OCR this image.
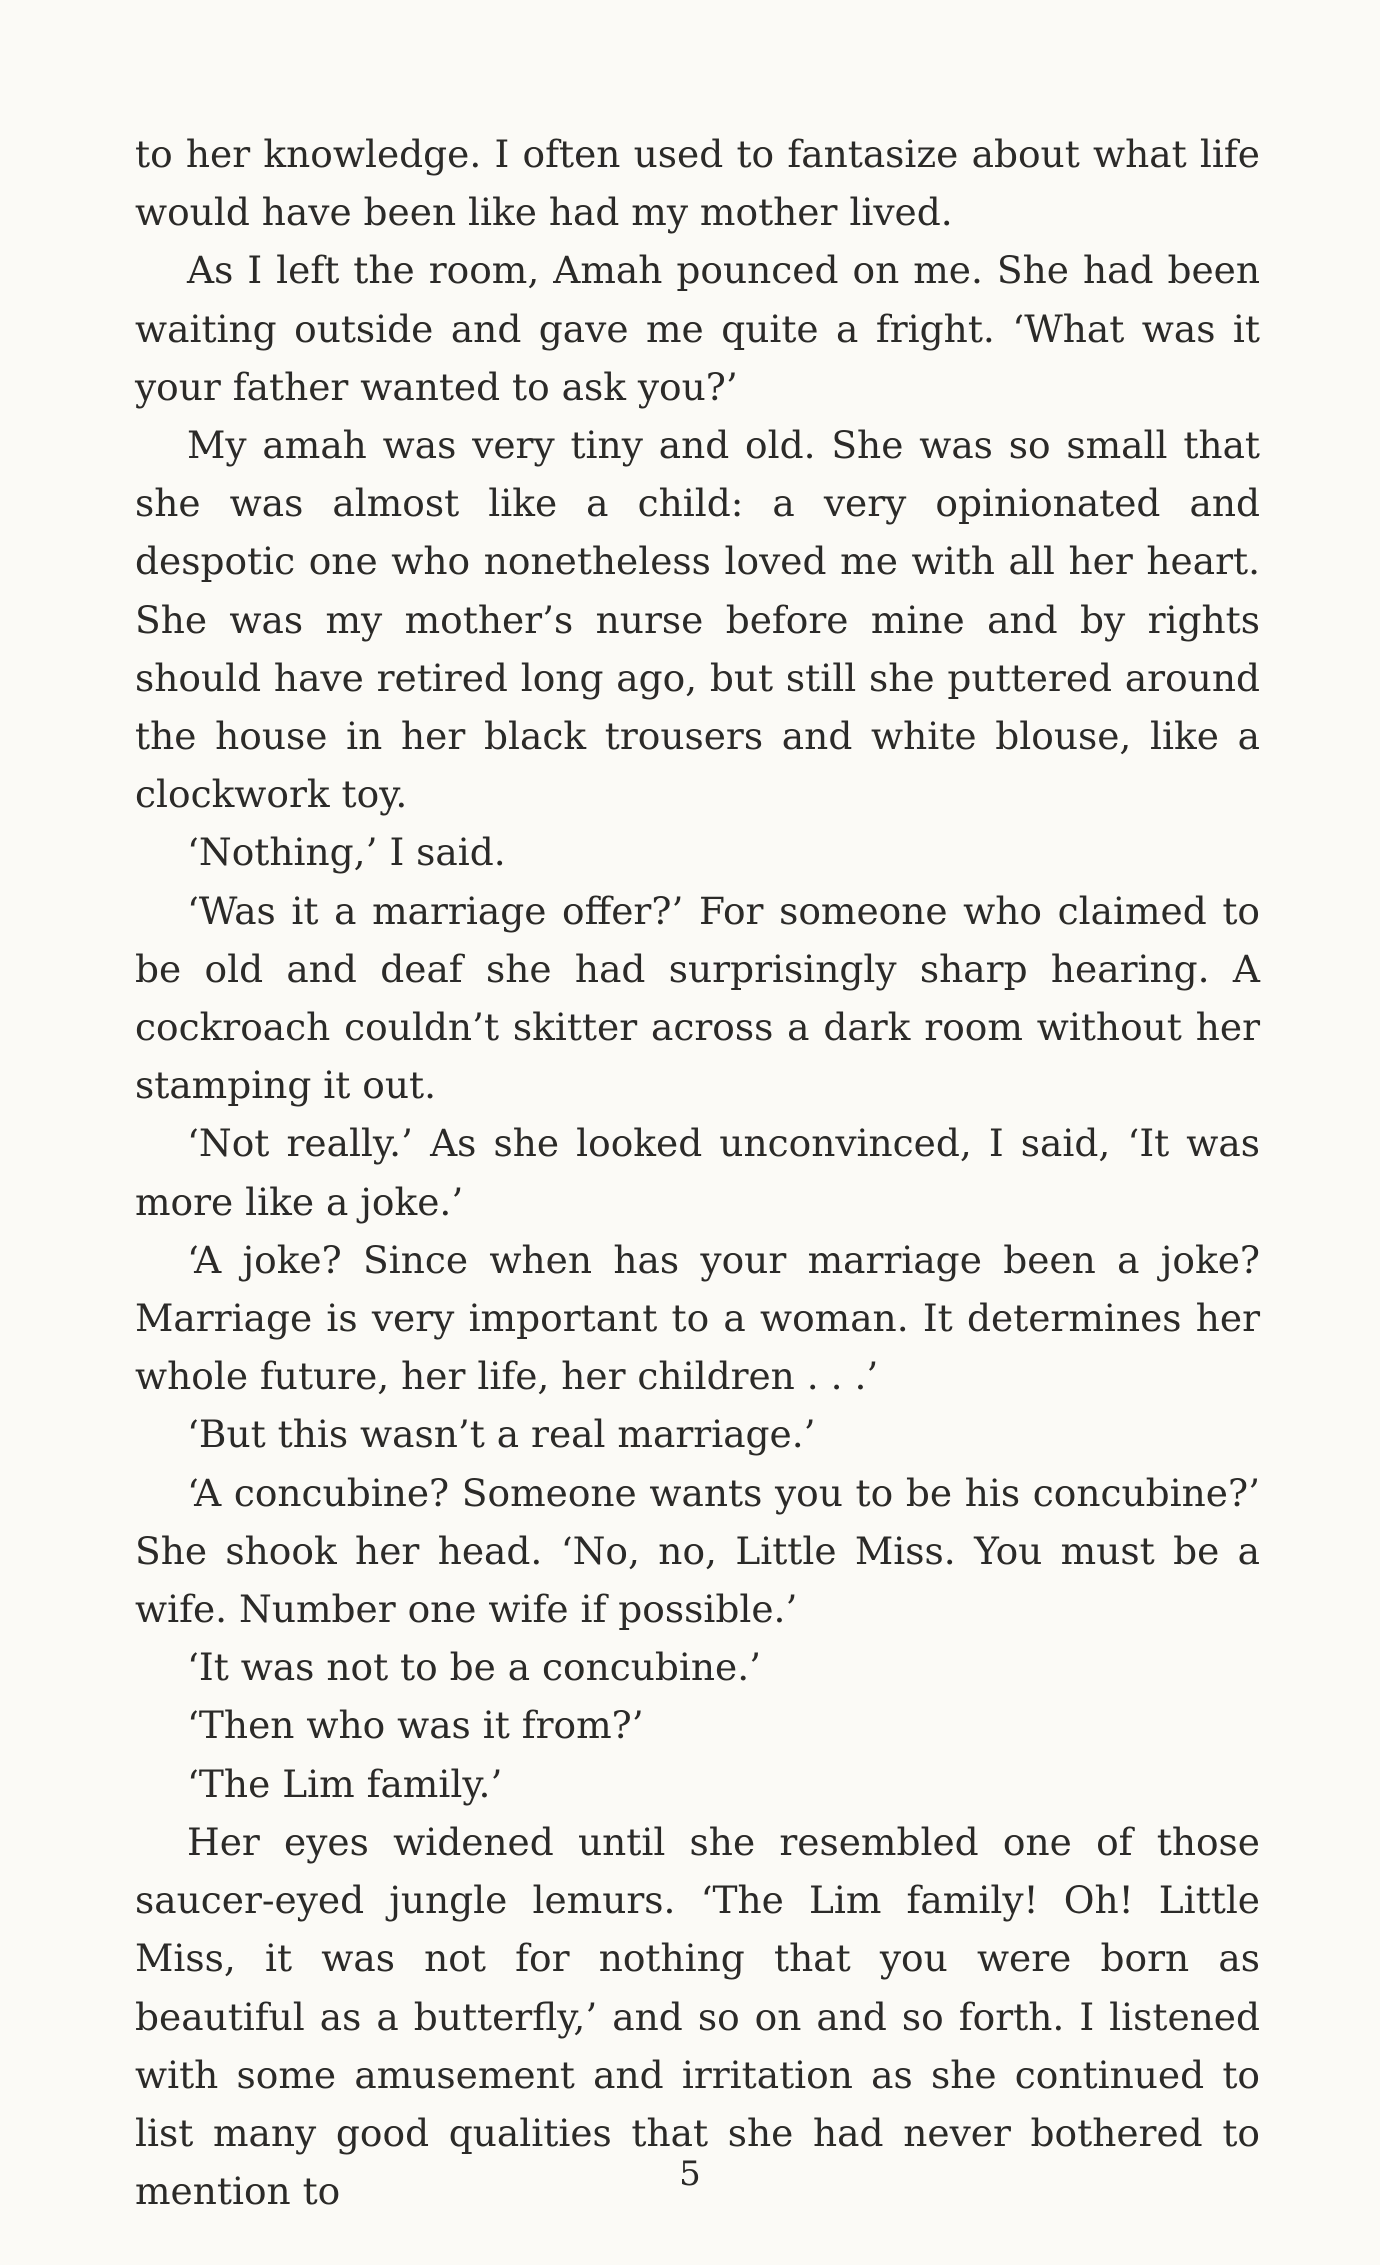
to her knowledge. I often used to fantasize about what life would have been like had my mother lived.

As I left the room, Amah pounced on me. She had been waiting outside and gave me quite a fright. ‘What was it your father wanted to ask you?’

My amah was very tiny and old. She was so small that she was almost like a child: a very opinionated and despotic one who nonetheless loved me with all her heart. She was my mother’s nurse before mine and by rights should have retired long ago, but still she puttered around the house in her black trousers and white blouse, like a clockwork toy.

‘Nothing,’ I said.

‘Was it a marriage offer?’ For someone who claimed to be old and deaf she had surprisingly sharp hearing. A cockroach couldn’t skitter across a dark room without her stamping it out.

‘Not really.’ As she looked unconvinced, I said, ‘It was more like a joke.’

‘A joke? Since when has your marriage been a joke? Marriage is very important to a woman. It determines her whole future, her life, her children . . .’

‘But this wasn’t a real marriage.’

‘A concubine? Someone wants you to be his concubine?’ She shook her head. ‘No, no, Little Miss. You must be a wife. Number one wife if possible.’

‘It was not to be a concubine.’

‘Then who was it from?’

‘The Lim family.’

Her eyes widened until she resembled one of those saucer-eyed jungle lemurs. ‘The Lim family! Oh! Little Miss, it was not for nothing that you were born as beautiful as a butterfly,’ and so on and so forth. I listened with some amusement and irritation as she continued to list many good qualities that she had never bothered to mention to	5
